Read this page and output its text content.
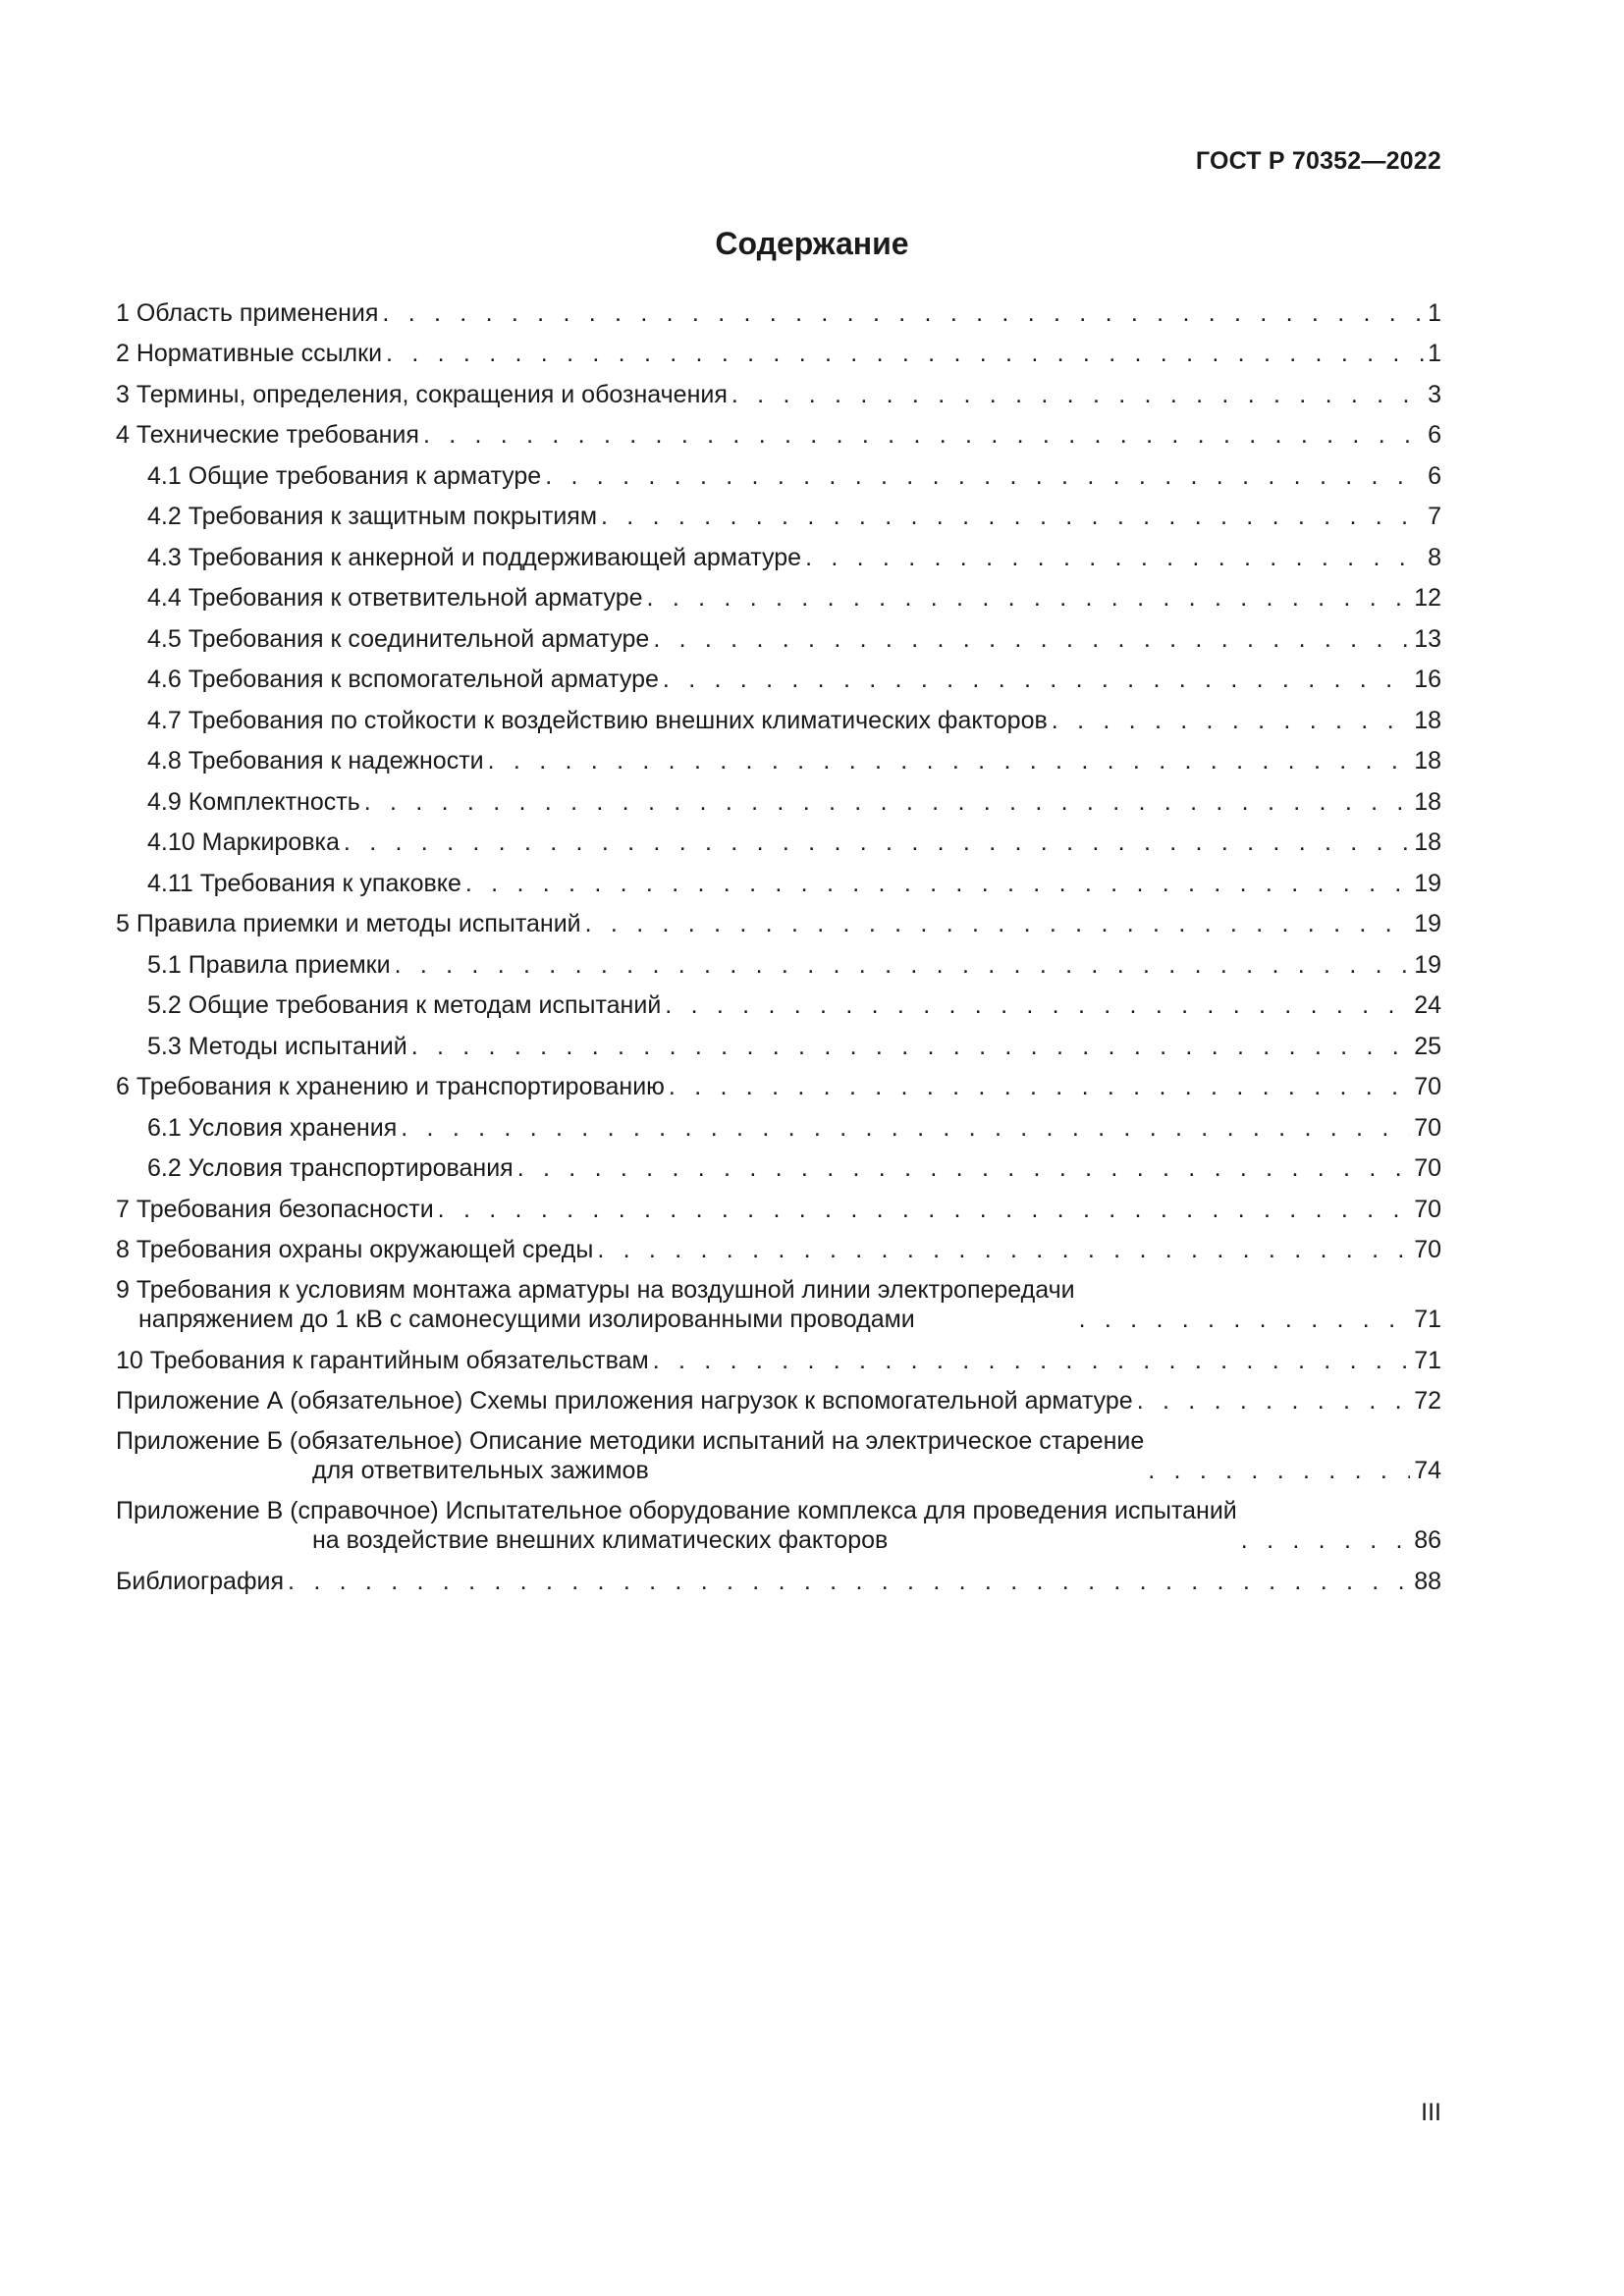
ГОСТ Р 70352—2022
Содержание
1 Область применения . . .	1
2 Нормативные ссылки . . .	1
3 Термины, определения, сокращения и обозначения . . .	3
4 Технические требования . . .	6
4.1 Общие требования к арматуре . . .	6
4.2 Требования к защитным покрытиям . . .	7
4.3 Требования к анкерной и поддерживающей арматуре . . .	8
4.4 Требования к ответвительной арматуре . . .	12
4.5 Требования к соединительной арматуре . . .	13
4.6 Требования к вспомогательной арматуре . . .	16
4.7 Требования по стойкости к воздействию внешних климатических факторов . . .	18
4.8 Требования к надежности . . .	18
4.9 Комплектность . . .	18
4.10 Маркировка . . .	18
4.11 Требования к упаковке . . .	19
5 Правила приемки и методы испытаний . . .	19
5.1 Правила приемки . . .	19
5.2 Общие требования к методам испытаний . . .	24
5.3 Методы испытаний . . .	25
6 Требования к хранению и транспортированию . . .	70
6.1 Условия хранения . . .	70
6.2 Условия транспортирования . . .	70
7 Требования безопасности . . .	70
8 Требования охраны окружающей среды . . .	70
9 Требования к условиям монтажа арматуры на воздушной линии электропередачи
напряжением до 1 кВ с самонесущими изолированными проводами . . .	71
10 Требования к гарантийным обязательствам . . .	71
Приложение А (обязательное) Схемы приложения нагрузок к вспомогательной арматуре . . .	72
Приложение Б (обязательное) Описание методики испытаний на электрическое старение
для ответвительных зажимов . . .	74
Приложение В (справочное) Испытательное оборудование комплекса для проведения испытаний
на воздействие внешних климатических факторов . . .	86
Библиография . . .	88
III
